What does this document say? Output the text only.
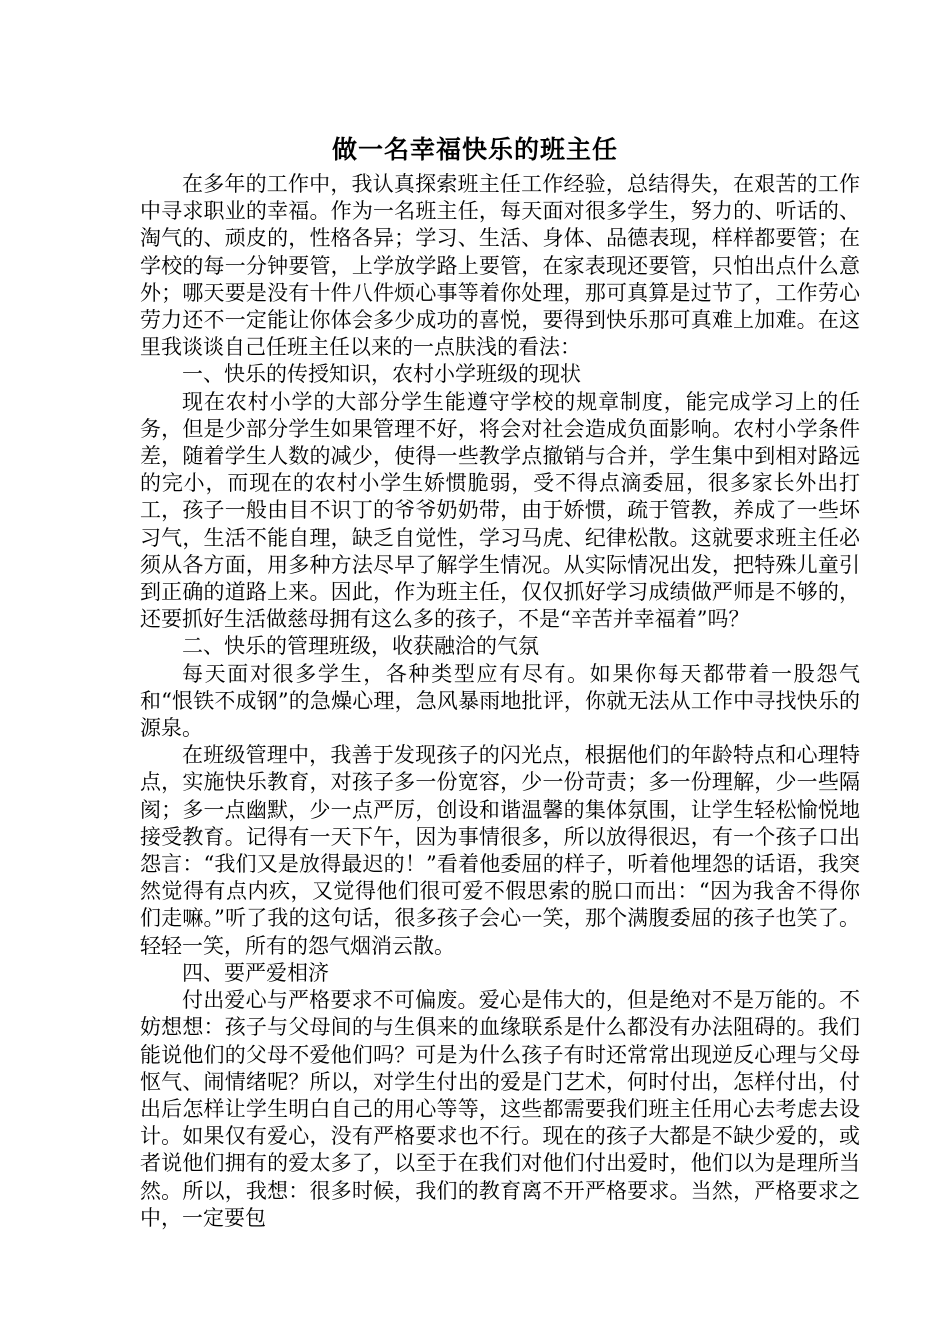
做一名幸福快乐的班主任

在多年的工作中，我认真探索班主任工作经验，总结得失，在艰苦的工作中寻求职业的幸福。作为一名班主任，每天面对很多学生，努力的、听话的、淘气的、顽皮的，性格各异；学习、生活、身体、品德表现，样样都要管；在学校的每一分钟要管，上学放学路上要管，在家表现还要管，只怕出点什么意外；哪天要是没有十件八件烦心事等着你处理，那可真算是过节了，工作劳心劳力还不一定能让你体会多少成功的喜悦，要得到快乐那可真难上加难。在这里我谈谈自己任班主任以来的一点肤浅的看法：

一、快乐的传授知识，农村小学班级的现状

现在农村小学的大部分学生能遵守学校的规章制度，能完成学习上的任务，但是少部分学生如果管理不好，将会对社会造成负面影响。农村小学条件差，随着学生人数的减少，使得一些教学点撤销与合并，学生集中到相对路远的完小，而现在的农村小学生娇惯脆弱，受不得点滴委屈，很多家长外出打工，孩子一般由目不识丁的爷爷奶奶带，由于娇惯，疏于管教，养成了一些坏习气，生活不能自理，缺乏自觉性，学习马虎、纪律松散。这就要求班主任必须从各方面，用多种方法尽早了解学生情况。从实际情况出发，把特殊儿童引到正确的道路上来。因此，作为班主任，仅仅抓好学习成绩做严师是不够的，还要抓好生活做慈母拥有这么多的孩子，不是“辛苦并幸福着”吗？

二、快乐的管理班级，收获融洽的气氛

每天面对很多学生，各种类型应有尽有。如果你每天都带着一股怨气和“恨铁不成钢”的急燥心理，急风暴雨地批评，你就无法从工作中寻找快乐的源泉。

在班级管理中，我善于发现孩子的闪光点，根据他们的年龄特点和心理特点，实施快乐教育，对孩子多一份宽容，少一份苛责；多一份理解，少一些隔阂；多一点幽默，少一点严厉，创设和谐温馨的集体氛围，让学生轻松愉悦地接受教育。记得有一天下午，因为事情很多，所以放得很迟，有一个孩子口出怨言：“我们又是放得最迟的！”看着他委屈的样子，听着他埋怨的话语，我突然觉得有点内疚，又觉得他们很可爱不假思索的脱口而出：“因为我舍不得你们走嘛。”听了我的这句话，很多孩子会心一笑，那个满腹委屈的孩子也笑了。轻轻一笑，所有的怨气烟消云散。

四、要严爱相济

付出爱心与严格要求不可偏废。爱心是伟大的，但是绝对不是万能的。不妨想想：孩子与父母间的与生俱来的血缘联系是什么都没有办法阻碍的。我们能说他们的父母不爱他们吗？可是为什么孩子有时还常常出现逆反心理与父母怄气、闹情绪呢？所以，对学生付出的爱是门艺术，何时付出，怎样付出，付出后怎样让学生明白自己的用心等等，这些都需要我们班主任用心去考虑去设计。如果仅有爱心，没有严格要求也不行。现在的孩子大都是不缺少爱的，或者说他们拥有的爱太多了，以至于在我们对他们付出爱时，他们以为是理所当然。所以，我想：很多时候，我们的教育离不开严格要求。当然，严格要求之中，一定要包
